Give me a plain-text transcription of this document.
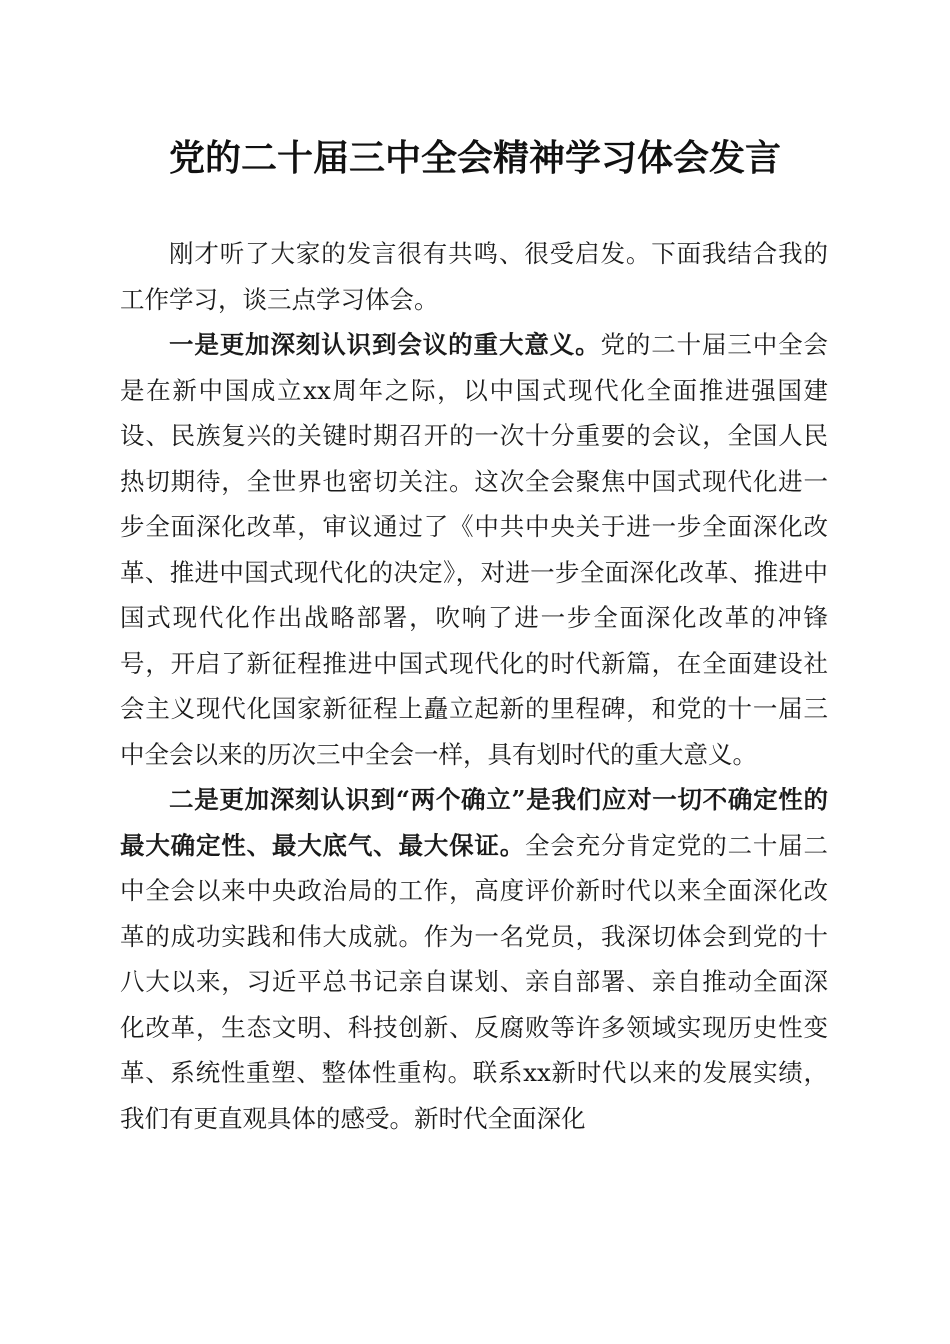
党的二十届三中全会精神学习体会发言

刚才听了大家的发言很有共鸣、很受启发。下面我结合我的工作学习，谈三点学习体会。

一是更加深刻认识到会议的重大意义。党的二十届三中全会是在新中国成立xx周年之际，以中国式现代化全面推进强国建设、民族复兴的关键时期召开的一次十分重要的会议，全国人民热切期待，全世界也密切关注。这次全会聚焦中国式现代化进一步全面深化改革，审议通过了《中共中央关于进一步全面深化改革、推进中国式现代化的决定》，对进一步全面深化改革、推进中国式现代化作出战略部署，吹响了进一步全面深化改革的冲锋号，开启了新征程推进中国式现代化的时代新篇，在全面建设社会主义现代化国家新征程上矗立起新的里程碑，和党的十一届三中全会以来的历次三中全会一样，具有划时代的重大意义。

二是更加深刻认识到“两个确立”是我们应对一切不确定性的最大确定性、最大底气、最大保证。全会充分肯定党的二十届二中全会以来中央政治局的工作，高度评价新时代以来全面深化改革的成功实践和伟大成就。作为一名党员，我深切体会到党的十八大以来，习近平总书记亲自谋划、亲自部署、亲自推动全面深化改革，生态文明、科技创新、反腐败等许多领域实现历史性变革、系统性重塑、整体性重构。联系xx新时代以来的发展实绩，我们有更直观具体的感受。新时代全面深化
